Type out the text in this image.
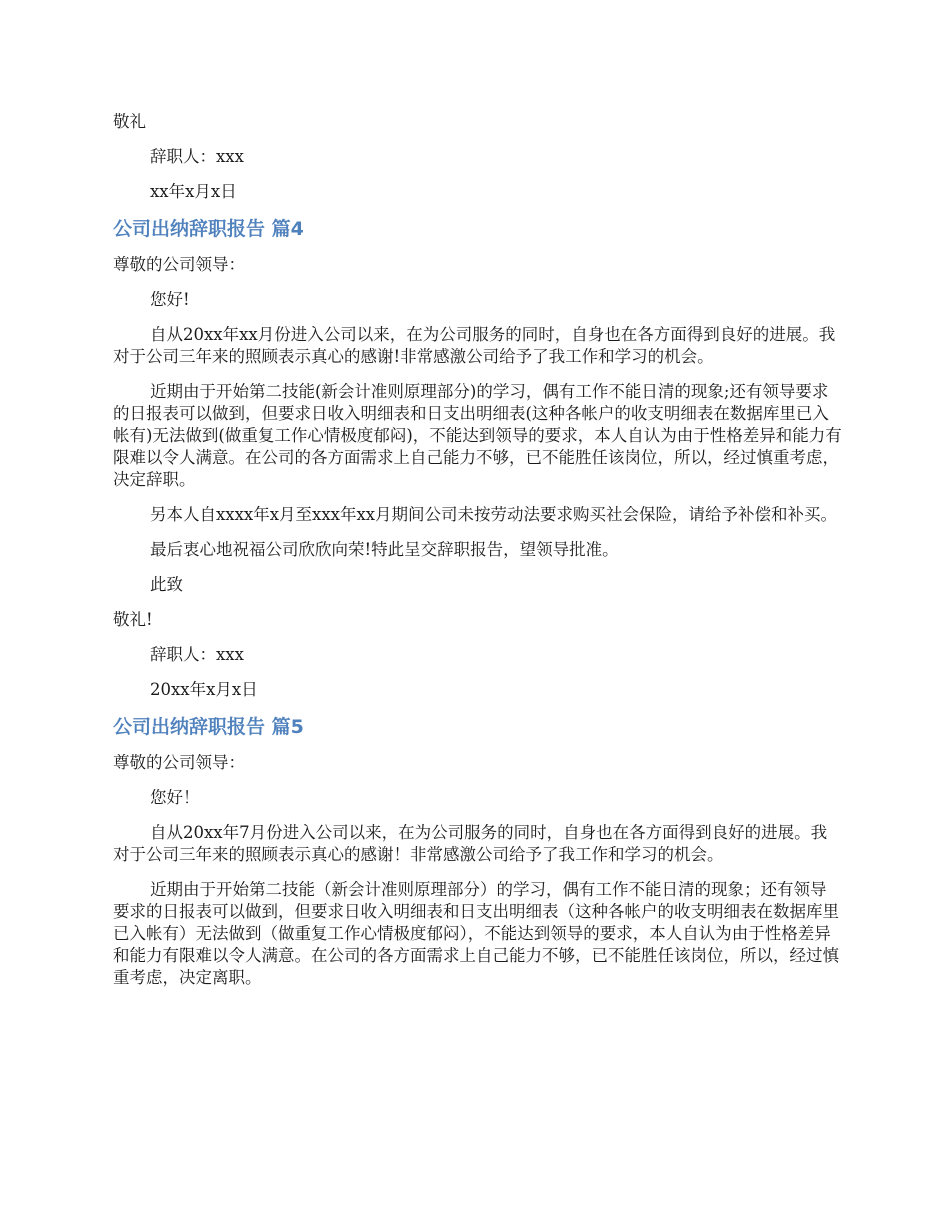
敬礼

辞职人：xxx

xx年x月x日

公司出纳辞职报告 篇4

尊敬的公司领导：

您好!

自从20xx年xx月份进入公司以来，在为公司服务的同时，自身也在各方面得到良好的进展。我对于公司三年来的照顾表示真心的感谢!非常感激公司给予了我工作和学习的机会。

近期由于开始第二技能(新会计准则原理部分)的学习，偶有工作不能日清的现象;还有领导要求的日报表可以做到，但要求日收入明细表和日支出明细表(这种各帐户的收支明细表在数据库里已入帐有)无法做到(做重复工作心情极度郁闷)，不能达到领导的要求，本人自认为由于性格差异和能力有限难以令人满意。在公司的各方面需求上自己能力不够，已不能胜任该岗位，所以，经过慎重考虑，决定辞职。

另本人自xxxx年x月至xxx年xx月期间公司未按劳动法要求购买社会保险，请给予补偿和补买。

最后衷心地祝福公司欣欣向荣!特此呈交辞职报告，望领导批准。

此致

敬礼!

辞职人：xxx

20xx年x月x日

公司出纳辞职报告 篇5

尊敬的公司领导：

您好！

自从20xx年7月份进入公司以来，在为公司服务的同时，自身也在各方面得到良好的进展。我对于公司三年来的照顾表示真心的感谢！非常感激公司给予了我工作和学习的机会。

近期由于开始第二技能（新会计准则原理部分）的学习，偶有工作不能日清的现象；还有领导要求的日报表可以做到，但要求日收入明细表和日支出明细表（这种各帐户的收支明细表在数据库里已入帐有）无法做到（做重复工作心情极度郁闷），不能达到领导的要求，本人自认为由于性格差异和能力有限难以令人满意。在公司的各方面需求上自己能力不够，已不能胜任该岗位，所以，经过慎重考虑，决定离职。
